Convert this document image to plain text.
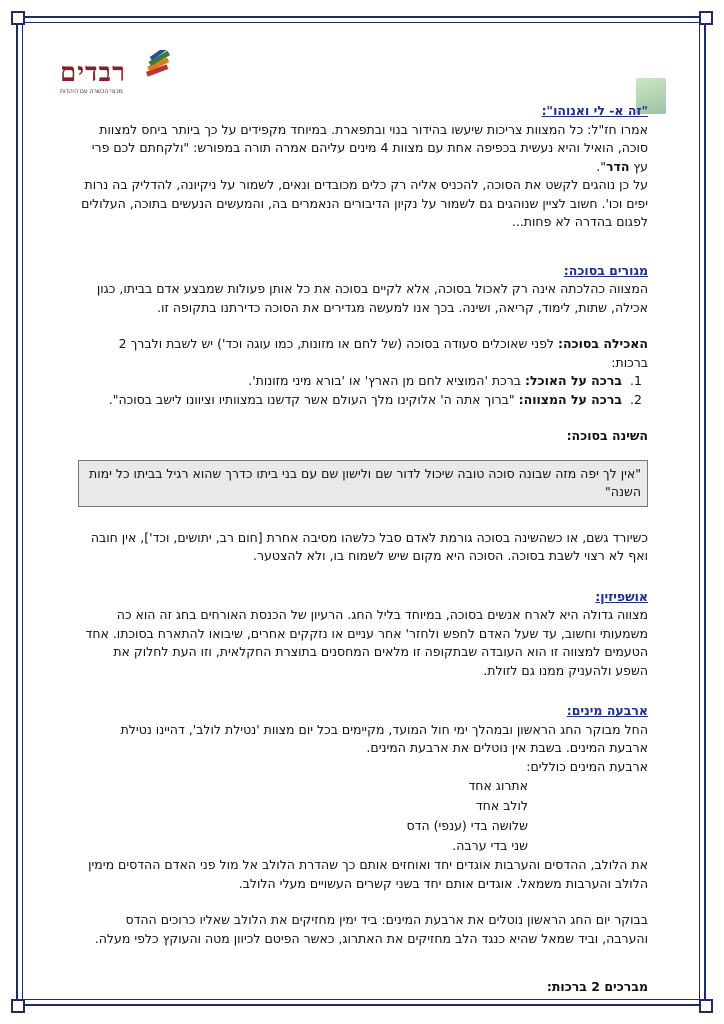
רבדים
מכוני הכשרה עם היהדות

"זה א- לי ואנוהו":

אמרו חז"ל: כל המצוות צריכות שיעשו בהידור בנוי ובתפארת. במיוחד מקפידים על כך ביותר ביחס למצוות סוכה, הואיל והיא נעשית בכפיפה אחת עם מצוות 4 מינים עליהם אמרה תורה במפורש: "ולקחתם לכם פרי עץ הדר".

על כן נוהגים לקשט את הסוכה, להכניס אליה רק כלים מכובדים ונאים, לשמור על ניקיונה, להדליק בה נרות יפים וכו'. חשוב לציין שנוהגים גם לשמור על נקיון הדיבורים הנאמרים בה, והמעשים הנעשים בתוכה, העלולים לפגום בהדרה לא פחות...

מגורים בסוכה:

המצווה כהלכתה אינה רק לאכול בסוכה, אלא לקיים בסוכה את כל אותן פעולות שמבצע אדם בביתו, כגון אכילה, שתות, לימוד, קריאה, ושינה. בכך אנו למעשה מגדירים את הסוכה כדירתנו בתקופה זו.

האכילה בסוכה: לפני שאוכלים סעודה בסוכה (של לחם או מזונות, כמו עוגה וכד') יש לשבת ולברך 2 ברכות:

1. ברכה על האוכל: ברכת 'המוציא לחם מן הארץ' או 'בורא מיני מזונות'.
2. ברכה על המצווה: "ברוך אתה ה' אלוקינו מלך העולם אשר קדשנו במצוותיו וציוונו לישב בסוכה".

השינה בסוכה:

"אין לך יפה מזה שבונה סוכה טובה שיכול לדור שם ולישון שם עם בני ביתו כדרך שהוא רגיל בביתו כל ימות השנה"

כשיורד גשם, או כשהשינה בסוכה גורמת לאדם סבל כלשהו מסיבה אחרת [חום רב, יתושים, וכד'], אין חובה ואף לא רצוי לשבת בסוכה. הסוכה היא מקום שיש לשמוח בו, ולא להצטער.

אושפיזין:

מצווה גדולה היא לארח אנשים בסוכה, במיוחד בליל החג. הרעיון של הכנסת האורחים בחג זה הוא כה משמעותי וחשוב, עד שעל האדם לחפש ולחזר' אחר עניים או נזקקים אחרים, שיבואו להתארח בסוכתו. אחד הטעמים למצווה זו הוא העובדה שבתקופה זו מלאים המחסנים בתוצרת החקלאית, וזו העת לחלוק את השפע ולהעניק ממנו גם לזולת.

ארבעה מינים:

החל מבוקר החג הראשון ובמהלך ימי חול המועד, מקיימים בכל יום מצוות 'נטילת לולב', דהיינו נטילת ארבעת המינים. בשבת אין נוטלים את ארבעת המינים.

ארבעת המינים כוללים:

אתרוג אחד
לולב אחד
שלושה בדי (ענפי) הדס
שני בדי ערבה.

את הלולב, ההדסים והערבות אוגדים יחד ואוחזים אותם כך שהדרת הלולב אל מול פני האדם ההדסים מימין הלולב והערבות משמאל. אוגדים אותם יחד בשני קשרים העשויים מעלי הלולב.

בבוקר יום החג הראשון נוטלים את ארבעת המינים: ביד ימין מחזיקים את הלולב שאליו כרוכים ההדס והערבה, וביד שמאל שהיא כנגד הלב מחזיקים את האתרוג, כאשר הפיטם לכיוון מטה והעוקץ כלפי מעלה.

מברכים 2 ברכות:
